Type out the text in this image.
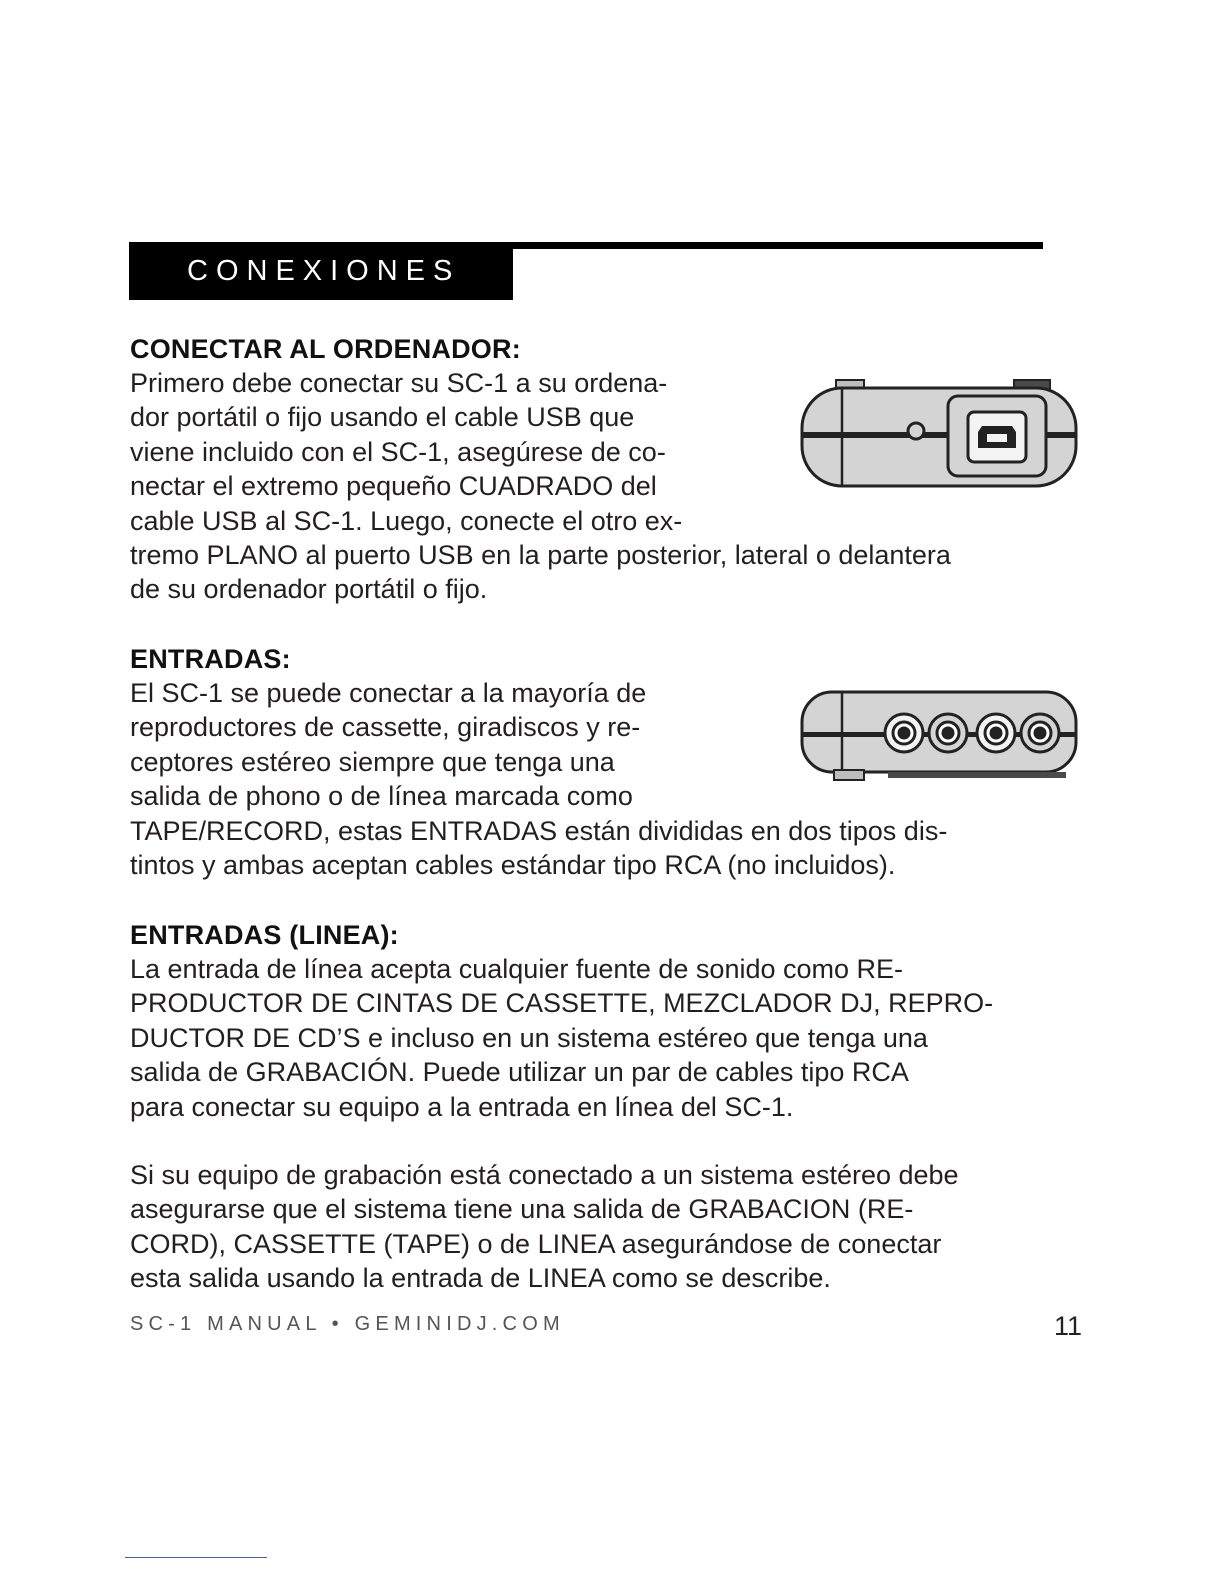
CONEXIONES
CONECTAR AL ORDENADOR:

Primero debe conectar su SC-1 a su ordena-
dor portátil o fijo usando el cable USB que
viene incluido con el SC-1, asegúrese de co-
nectar el extremo pequeño CUADRADO del
cable USB al SC-1. Luego, conecte el otro ex-

tremo PLANO al puerto USB en la parte posterior, lateral o delantera
de su ordenador portátil o fijo.

ENTRADAS:

El SC-1 se puede conectar a la mayoría de
reproductores de cassette, giradiscos y re-
ceptores estéreo siempre que tenga una
salida de phono o de línea marcada como

TAPE/RECORD, estas ENTRADAS están divididas en dos tipos dis-
tintos y ambas aceptan cables estándar tipo RCA (no incluidos).

ENTRADAS (LINEA):

La entrada de línea acepta cualquier fuente de sonido como RE-
PRODUCTOR DE CINTAS DE CASSETTE, MEZCLADOR DJ, REPRO-
DUCTOR DE CD’S e incluso en un sistema estéreo que tenga una
salida de GRABACIÓN. Puede utilizar un par de cables tipo RCA
para conectar su equipo a la entrada en línea del SC-1.

Si su equipo de grabación está conectado a un sistema estéreo debe
asegurarse que el sistema tiene una salida de GRABACION (RE-
CORD), CASSETTE (TAPE) o de LINEA asegurándose de conectar
esta salida usando la entrada de LINEA como se describe.

SC-1 MANUAL • GEMINIDJ.COM	11
